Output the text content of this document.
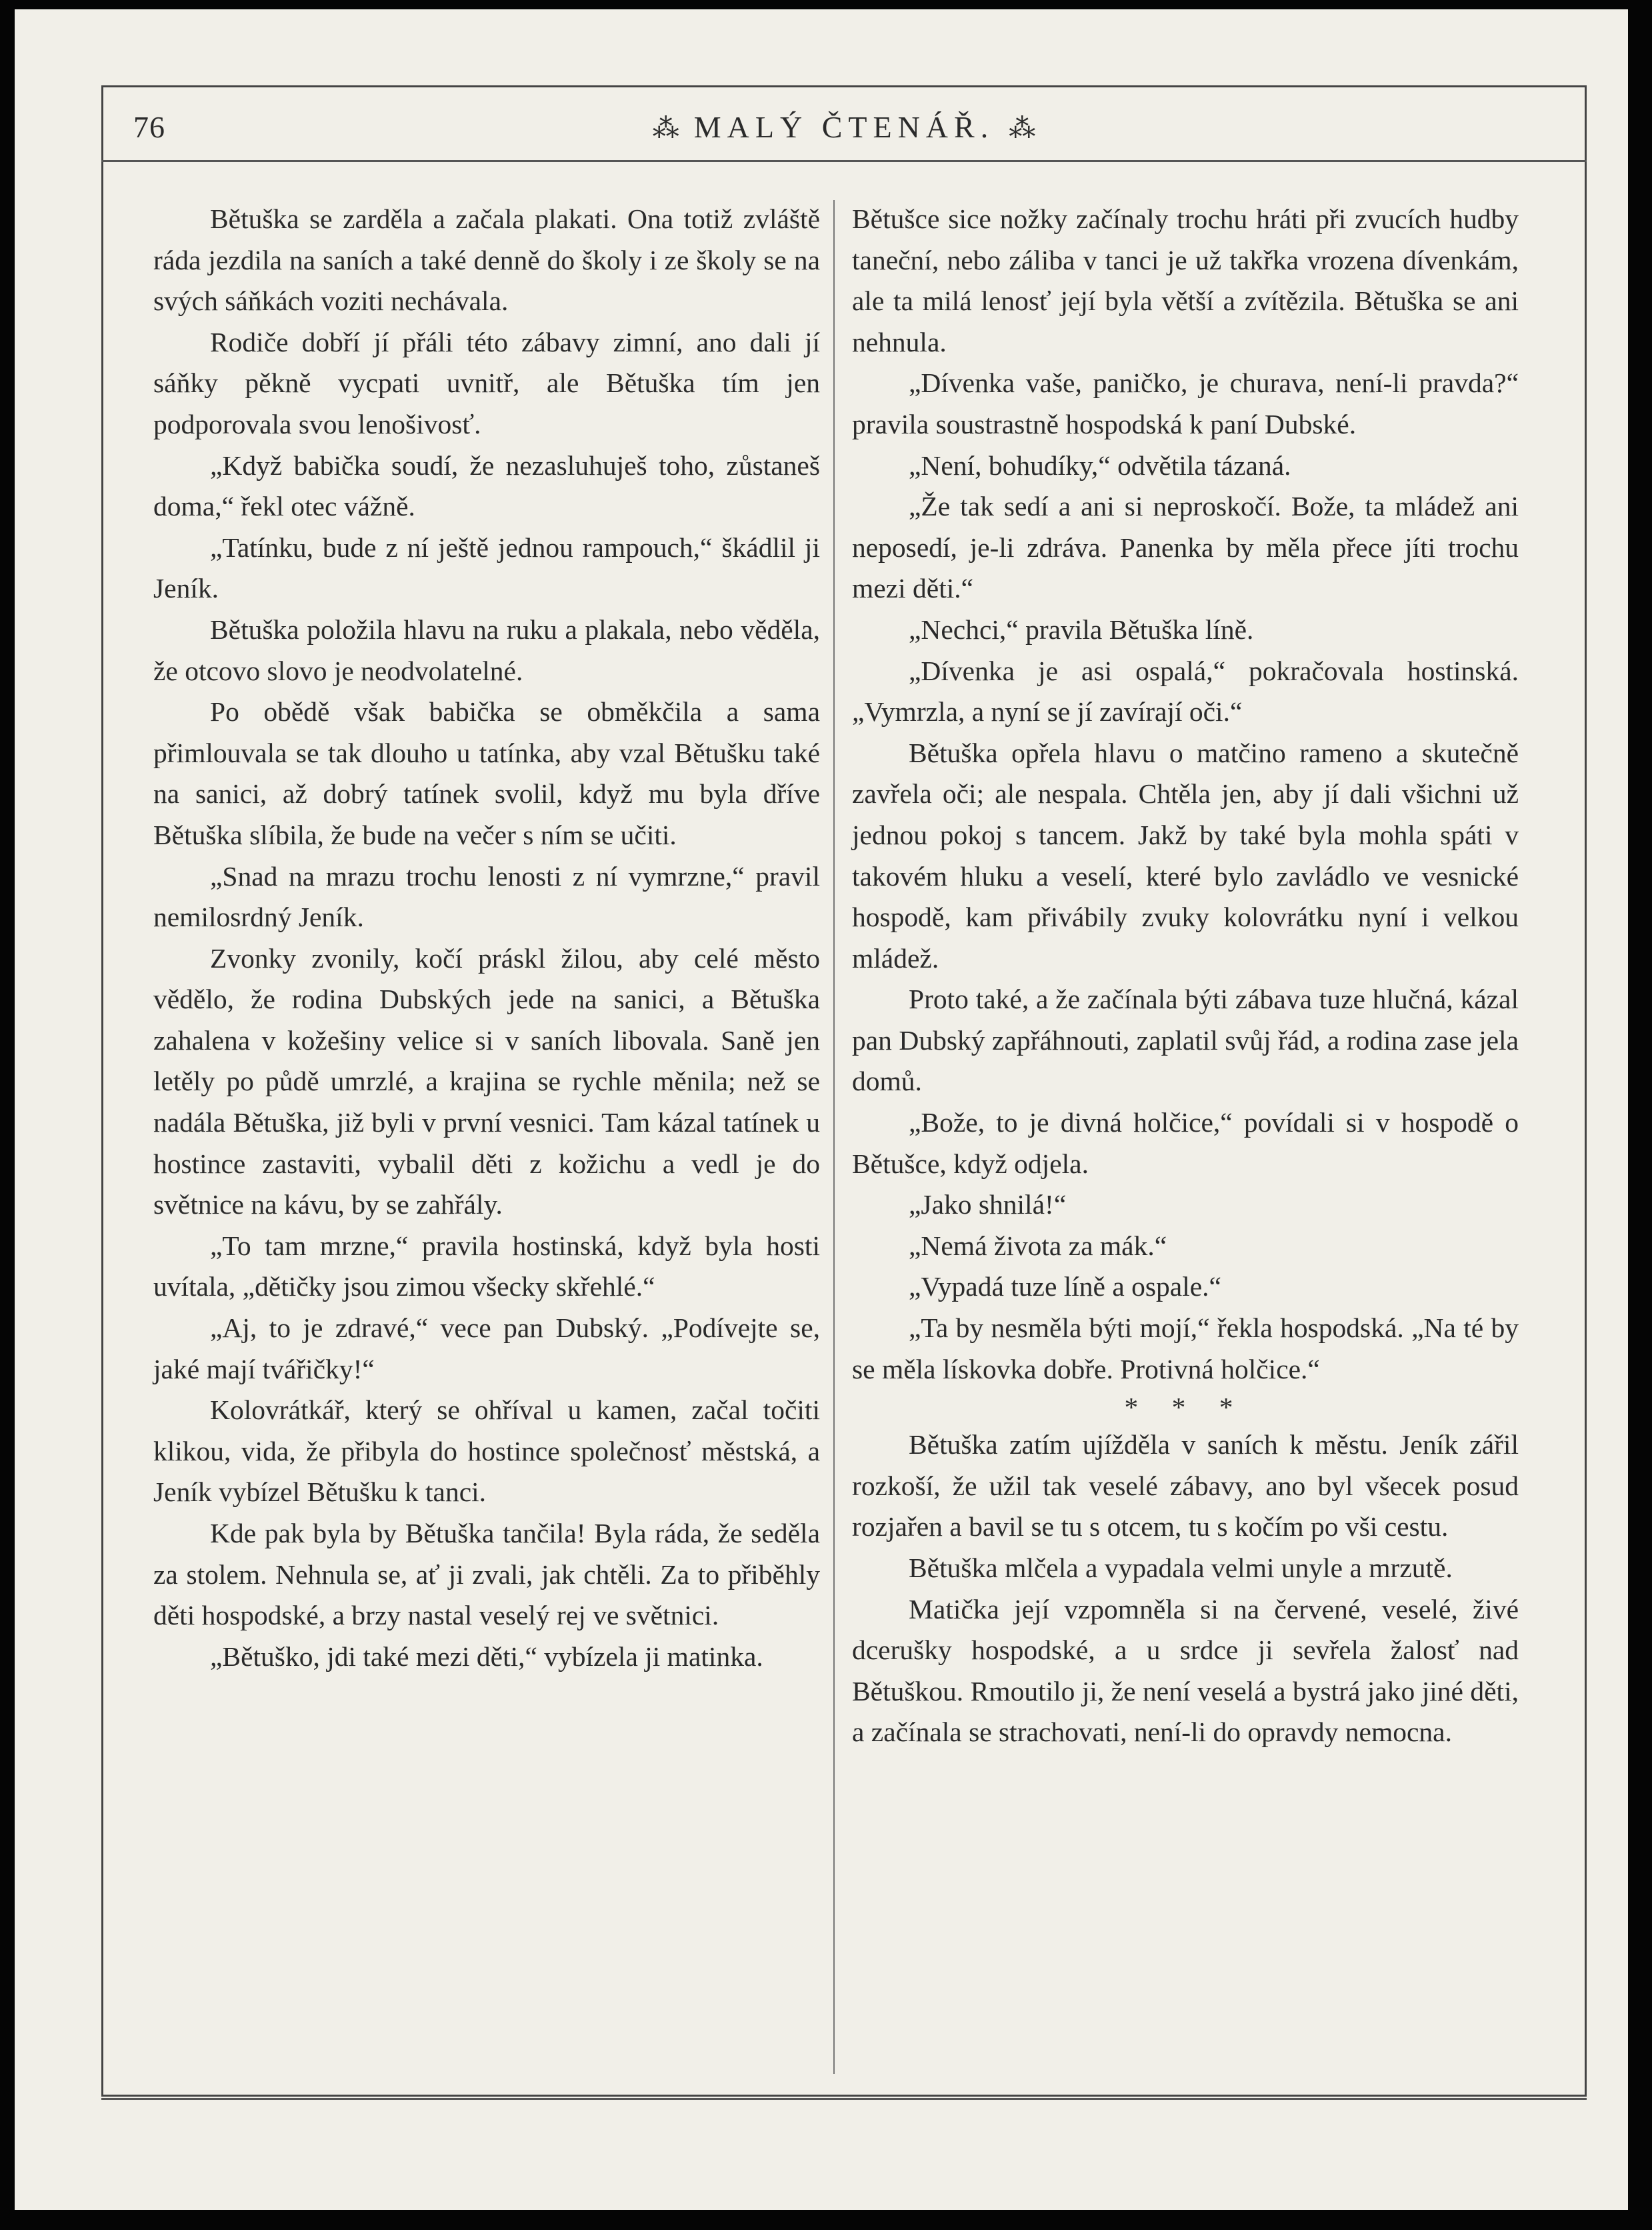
76	⁂ MALÝ ČTENÁŘ. ⁂

Bětuška se zarděla a začala plakati. Ona totiž zvláště ráda jezdila na saních a také denně do školy i ze školy se na svých sáňkách voziti nechávala.

Rodiče dobří jí přáli této zábavy zimní, ano dali jí sáňky pěkně vycpati uvnitř, ale Bětuška tím jen podporovala svou lenošivosť.

„Když babička soudí, že nezasluhuješ toho, zůstaneš doma,“ řekl otec vážně.

„Tatínku, bude z ní ještě jednou rampouch,“ škádlil ji Jeník.

Bětuška položila hlavu na ruku a plakala, nebo věděla, že otcovo slovo je neodvolatelné.

Po obědě však babička se obměkčila a sama přimlouvala se tak dlouho u tatínka, aby vzal Bětušku také na sanici, až dobrý tatínek svolil, když mu byla dříve Bětuška slíbila, že bude na večer s ním se učiti.

„Snad na mrazu trochu lenosti z ní vymrzne,“ pravil nemilosrdný Jeník.

Zvonky zvonily, kočí práskl žilou, aby celé město vědělo, že rodina Dubských jede na sanici, a Bětuška zahalena v kožešiny velice si v saních libovala. Saně jen letěly po půdě umrzlé, a krajina se rychle měnila; než se nadála Bětuška, již byli v první vesnici. Tam kázal tatínek u hostince zastaviti, vybalil děti z kožichu a vedl je do světnice na kávu, by se zahřály.

„To tam mrzne,“ pravila hostinská, když byla hosti uvítala, „dětičky jsou zimou všecky skřehlé.“

„Aj, to je zdravé,“ vece pan Dubský. „Podívejte se, jaké mají tvářičky!“

Kolovrátkář, který se ohříval u kamen, začal točiti klikou, vida, že přibyla do hostince společnosť městská, a Jeník vybízel Bětušku k tanci.

Kde pak byla by Bětuška tančila! Byla ráda, že seděla za stolem. Nehnula se, ať ji zvali, jak chtěli. Za to přiběhly děti hospodské, a brzy nastal veselý rej ve světnici.

„Bětuško, jdi také mezi děti,“ vybízela ji matinka.

Bětušce sice nožky začínaly trochu hráti při zvucích hudby taneční, nebo záliba v tanci je už takřka vrozena dívenkám, ale ta milá lenosť její byla větší a zvítězila. Bětuška se ani nehnula.

„Dívenka vaše, paničko, je churava, není-li pravda?“ pravila soustrastně hospodská k paní Dubské.

„Není, bohudíky,“ odvětila tázaná.

„Že tak sedí a ani si neproskočí. Bože, ta mládež ani neposedí, je-li zdráva. Panenka by měla přece jíti trochu mezi děti.“

„Nechci,“ pravila Bětuška líně.

„Dívenka je asi ospalá,“ pokračovala hostinská. „Vymrzla, a nyní se jí zavírají oči.“

Bětuška opřela hlavu o matčino rameno a skutečně zavřela oči; ale nespala. Chtěla jen, aby jí dali všichni už jednou pokoj s tancem. Jakž by také byla mohla spáti v takovém hluku a veselí, které bylo zavládlo ve vesnické hospodě, kam přivábily zvuky kolovrátku nyní i velkou mládež.

Proto také, a že začínala býti zábava tuze hlučná, kázal pan Dubský zapřáhnouti, zaplatil svůj řád, a rodina zase jela domů.

„Bože, to je divná holčice,“ povídali si v hospodě o Bětušce, když odjela.

„Jako shnilá!“

„Nemá života za mák.“

„Vypadá tuze líně a ospale.“

„Ta by nesměla býti mojí,“ řekla hospodská. „Na té by se měla lískovka dobře. Protivná holčice.“

* * *

Bětuška zatím ujížděla v saních k městu. Jeník zářil rozkoší, že užil tak veselé zábavy, ano byl všecek posud rozjařen a bavil se tu s otcem, tu s kočím po vši cestu.

Bětuška mlčela a vypadala velmi unyle a mrzutě.

Matička její vzpomněla si na červené, veselé, živé dcerušky hospodské, a u srdce ji sevřela žalosť nad Bětuškou. Rmoutilo ji, že není veselá a bystrá jako jiné děti, a začínala se strachovati, není-li do opravdy nemocna.
